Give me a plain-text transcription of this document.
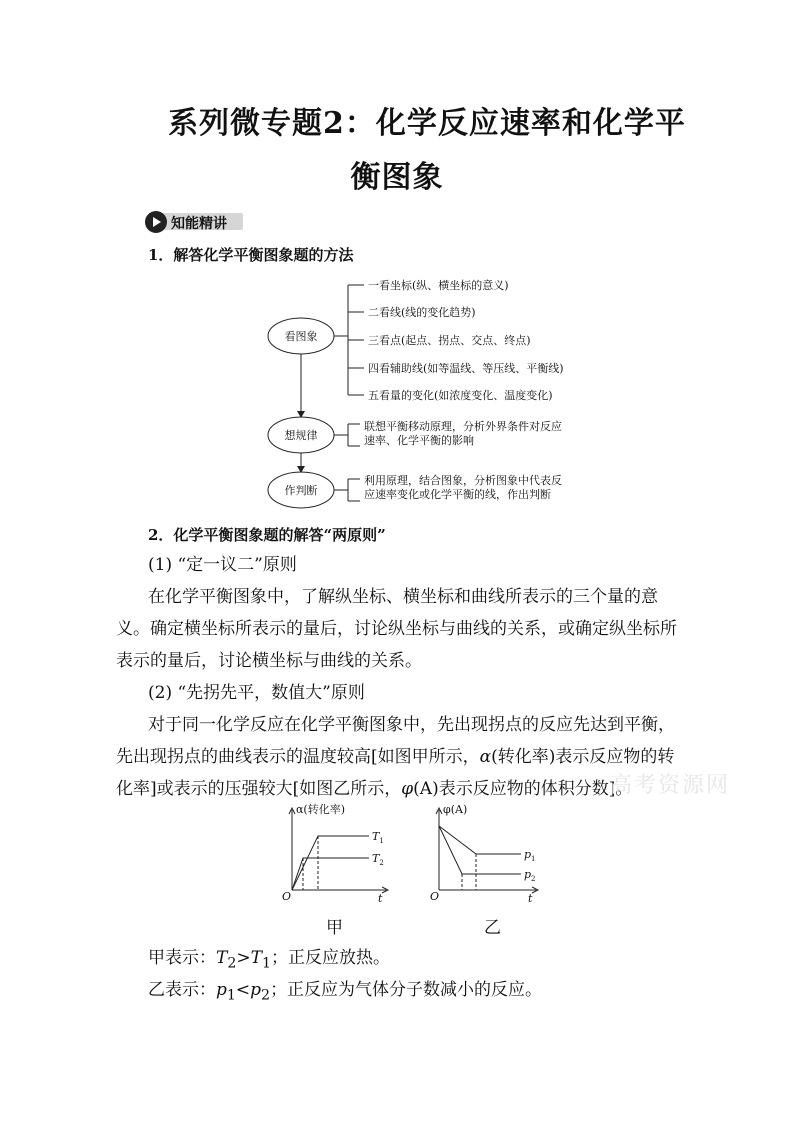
系列微专题2：化学反应速率和化学平
衡图象
知能精讲
1．解答化学平衡图象题的方法
看图象
想规律
作判断
一看坐标(纵、横坐标的意义)
二看线(线的变化趋势)
三看点(起点、拐点、交点、终点)
四看辅助线(如等温线、等压线、平衡线)
五看量的变化(如浓度变化、温度变化)
联想平衡移动原理，分析外界条件对反应
速率、化学平衡的影响
利用原理，结合图象，分析图象中代表反
应速率变化或化学平衡的线，作出判断
2．化学平衡图象题的解答“两原则”
(1) “定一议二”原则
在化学平衡图象中，了解纵坐标、横坐标和曲线所表示的三个量的意义。确定横坐标所表示的量后，讨论纵坐标与曲线的关系，或确定纵坐标所表示的量后，讨论横坐标与曲线的关系。
(2) “先拐先平，数值大”原则
对于同一化学反应在化学平衡图象中，先出现拐点的反应先达到平衡，先出现拐点的曲线表示的温度较高[如图甲所示，α(转化率)表示反应物的转化率]或表示的压强较大[如图乙所示，φ(A)表示反应物的体积分数]。
高考资源网
α(转化率)
O	t
$T_1$
$T_2$
甲
φ(A)
O	t
$p_1$
$p_2$
乙
甲表示：$T_2>T_1$；正反应放热。
乙表示：$p_1<p_2$；正反应为气体分子数减小的反应。
